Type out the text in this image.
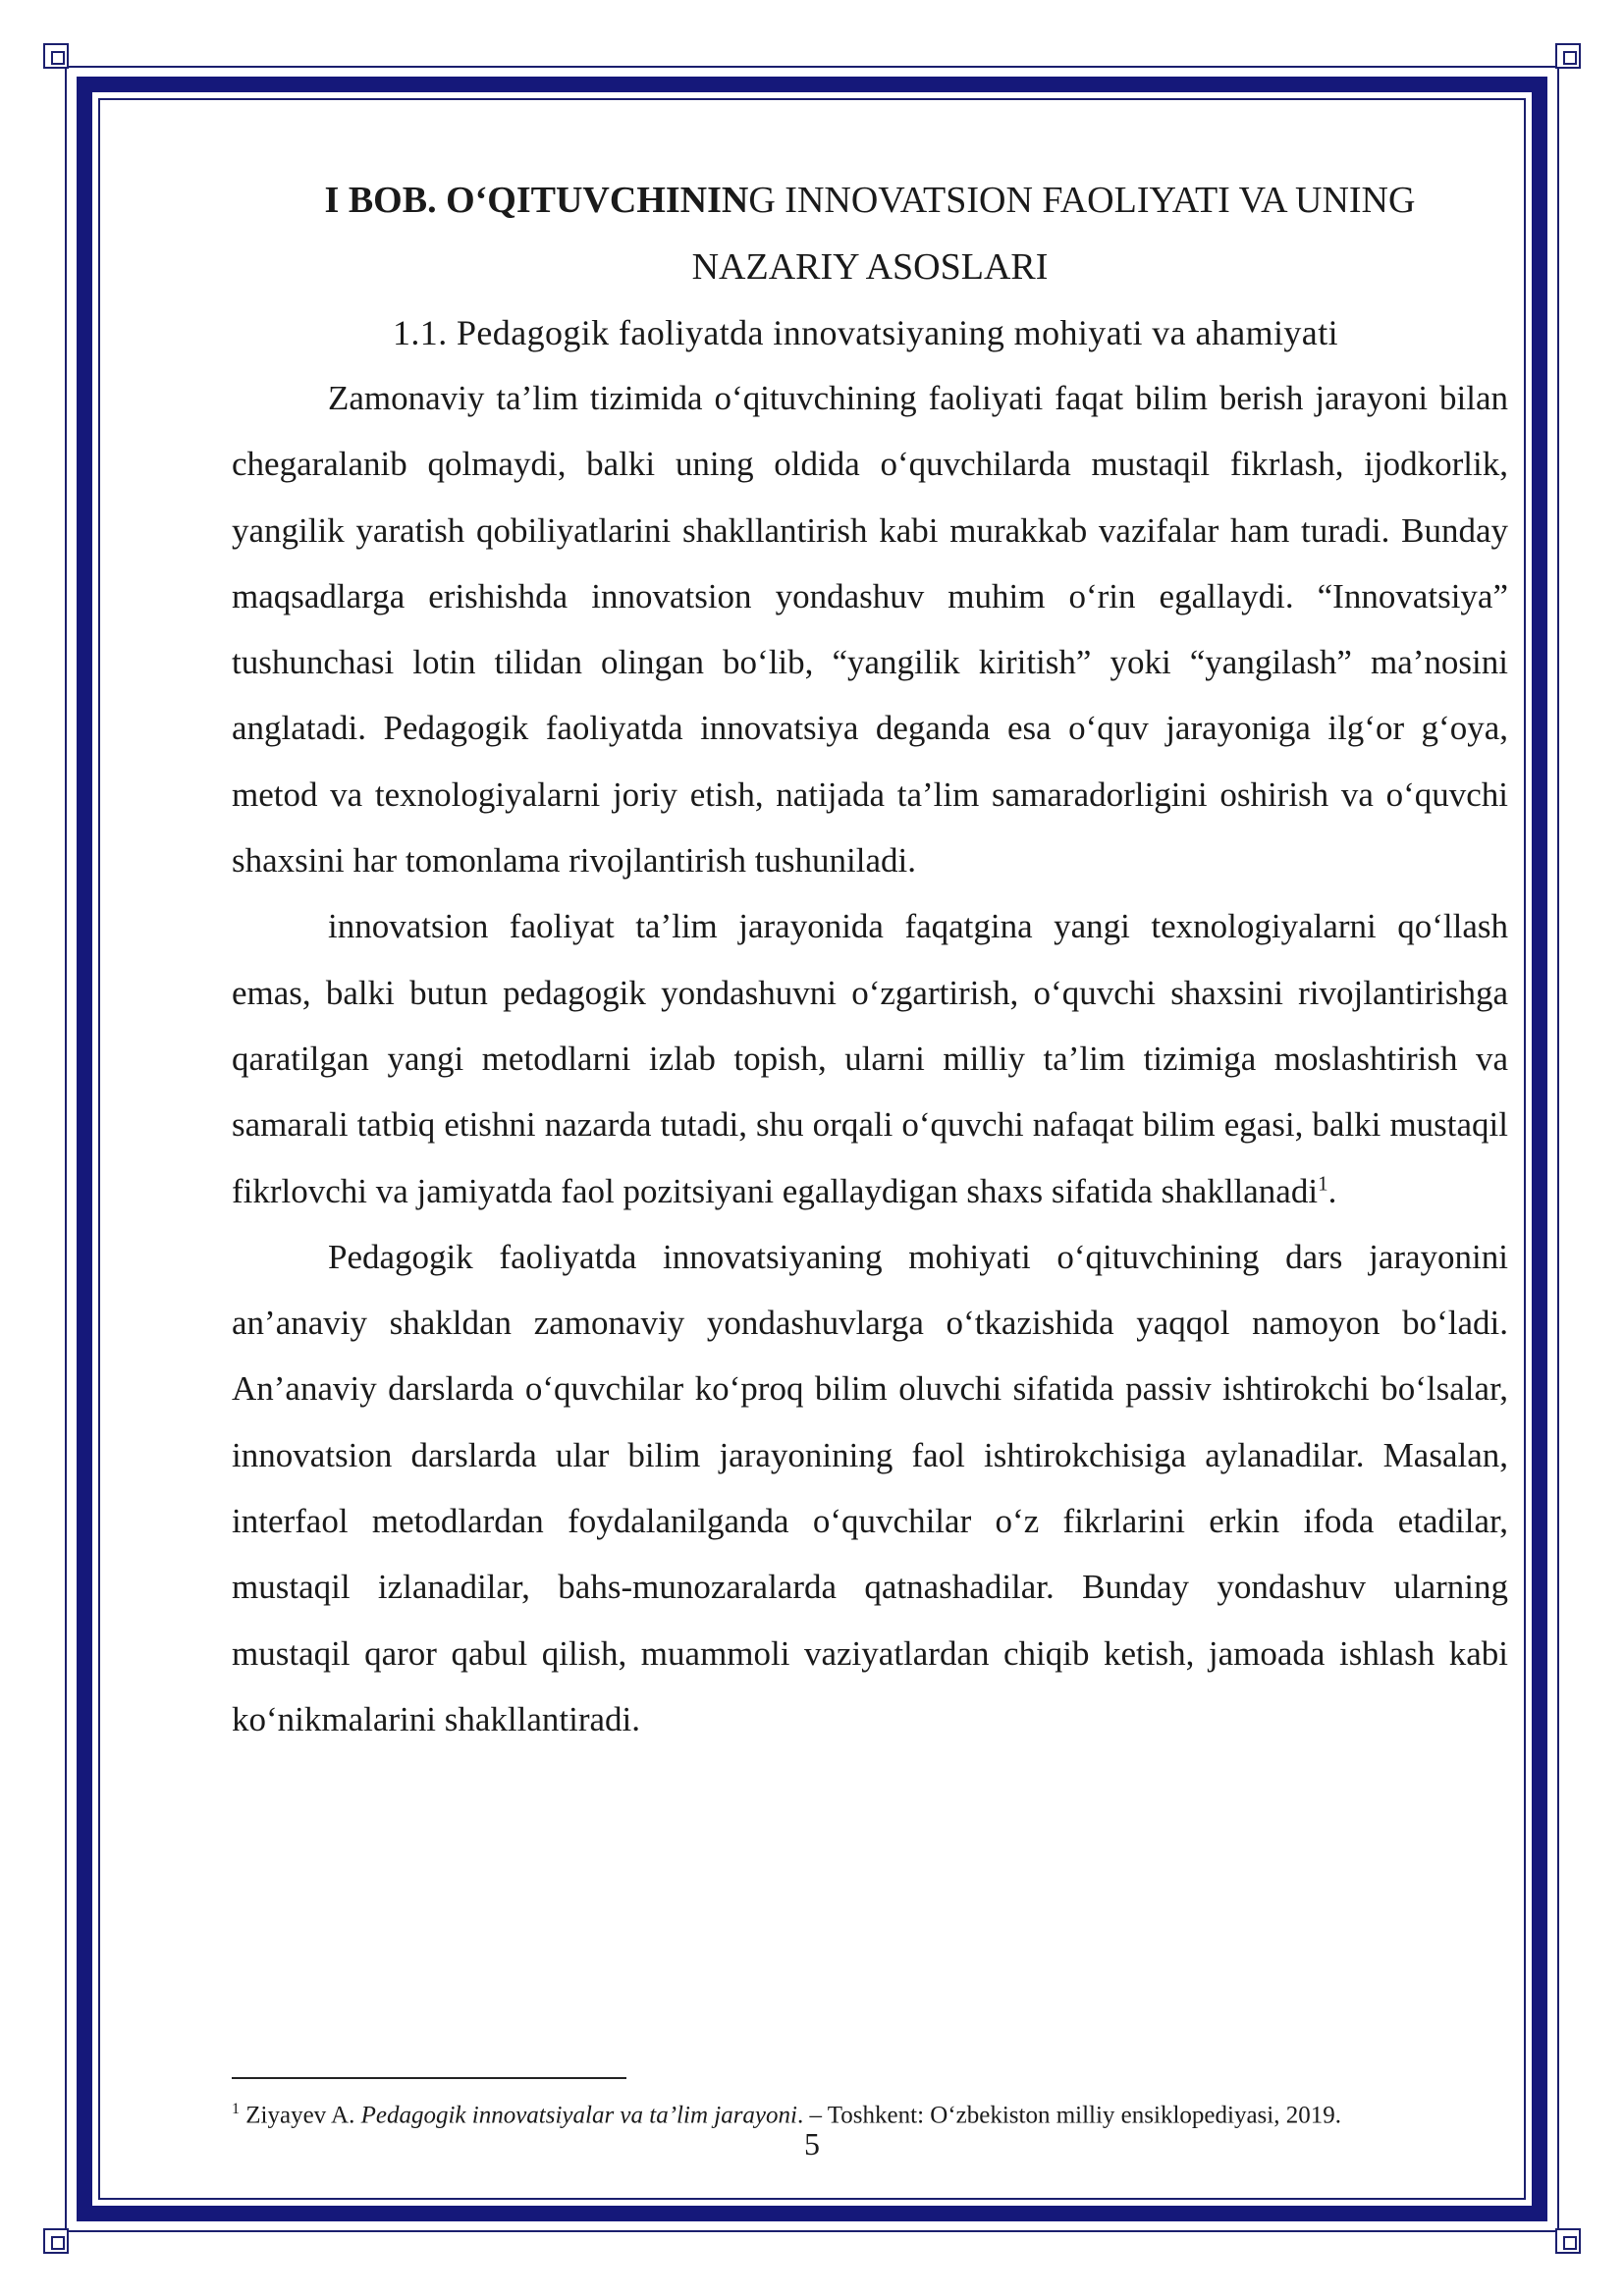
I BOB. O‘QITUVCHINING INNOVATSION FAOLIYATI VA UNING
NAZARIY ASOSLARI

1.1. Pedagogik faoliyatda innovatsiyaning mohiyati va ahamiyati

Zamonaviy ta’lim tizimida o‘qituvchining faoliyati faqat bilim berish jarayoni bilan chegaralanib qolmaydi, balki uning oldida o‘quvchilarda mustaqil fikrlash, ijodkorlik, yangilik yaratish qobiliyatlarini shakllantirish kabi murakkab vazifalar ham turadi. Bunday maqsadlarga erishishda innovatsion yondashuv muhim o‘rin egallaydi. “Innovatsiya” tushunchasi lotin tilidan olingan bo‘lib, “yangilik kiritish” yoki “yangilash” ma’nosini anglatadi. Pedagogik faoliyatda innovatsiya deganda esa o‘quv jarayoniga ilg‘or g‘oya, metod va texnologiyalarni joriy etish, natijada ta’lim samaradorligini oshirish va o‘quvchi shaxsini har tomonlama rivojlantirish tushuniladi.

innovatsion faoliyat ta’lim jarayonida faqatgina yangi texnologiyalarni qo‘llash emas, balki butun pedagogik yondashuvni o‘zgartirish, o‘quvchi shaxsini rivojlantirishga qaratilgan yangi metodlarni izlab topish, ularni milliy ta’lim tizimiga moslashtirish va samarali tatbiq etishni nazarda tutadi, shu orqali o‘quvchi nafaqat bilim egasi, balki mustaqil fikrlovchi va jamiyatda faol pozitsiyani egallaydigan shaxs sifatida shakllanadi$^1$.

Pedagogik faoliyatda innovatsiyaning mohiyati o‘qituvchining dars jarayonini an’anaviy shakldan zamonaviy yondashuvlarga o‘tkazishida yaqqol namoyon bo‘ladi. An’anaviy darslarda o‘quvchilar ko‘proq bilim oluvchi sifatida passiv ishtirokchi bo‘lsalar, innovatsion darslarda ular bilim jarayonining faol ishtirokchisiga aylanadilar. Masalan, interfaol metodlardan foydalanilganda o‘quvchilar o‘z fikrlarini erkin ifoda etadilar, mustaqil izlanadilar, bahs-munozaralarda qatnashadilar. Bunday yondashuv ularning mustaqil qaror qabul qilish, muammoli vaziyatlardan chiqib ketish, jamoada ishlash kabi ko‘nikmalarini shakllantiradi.

$^1$ Ziyayev A. Pedagogik innovatsiyalar va ta’lim jarayoni. – Toshkent: O‘zbekiston milliy ensiklopediyasi, 2019.
5
